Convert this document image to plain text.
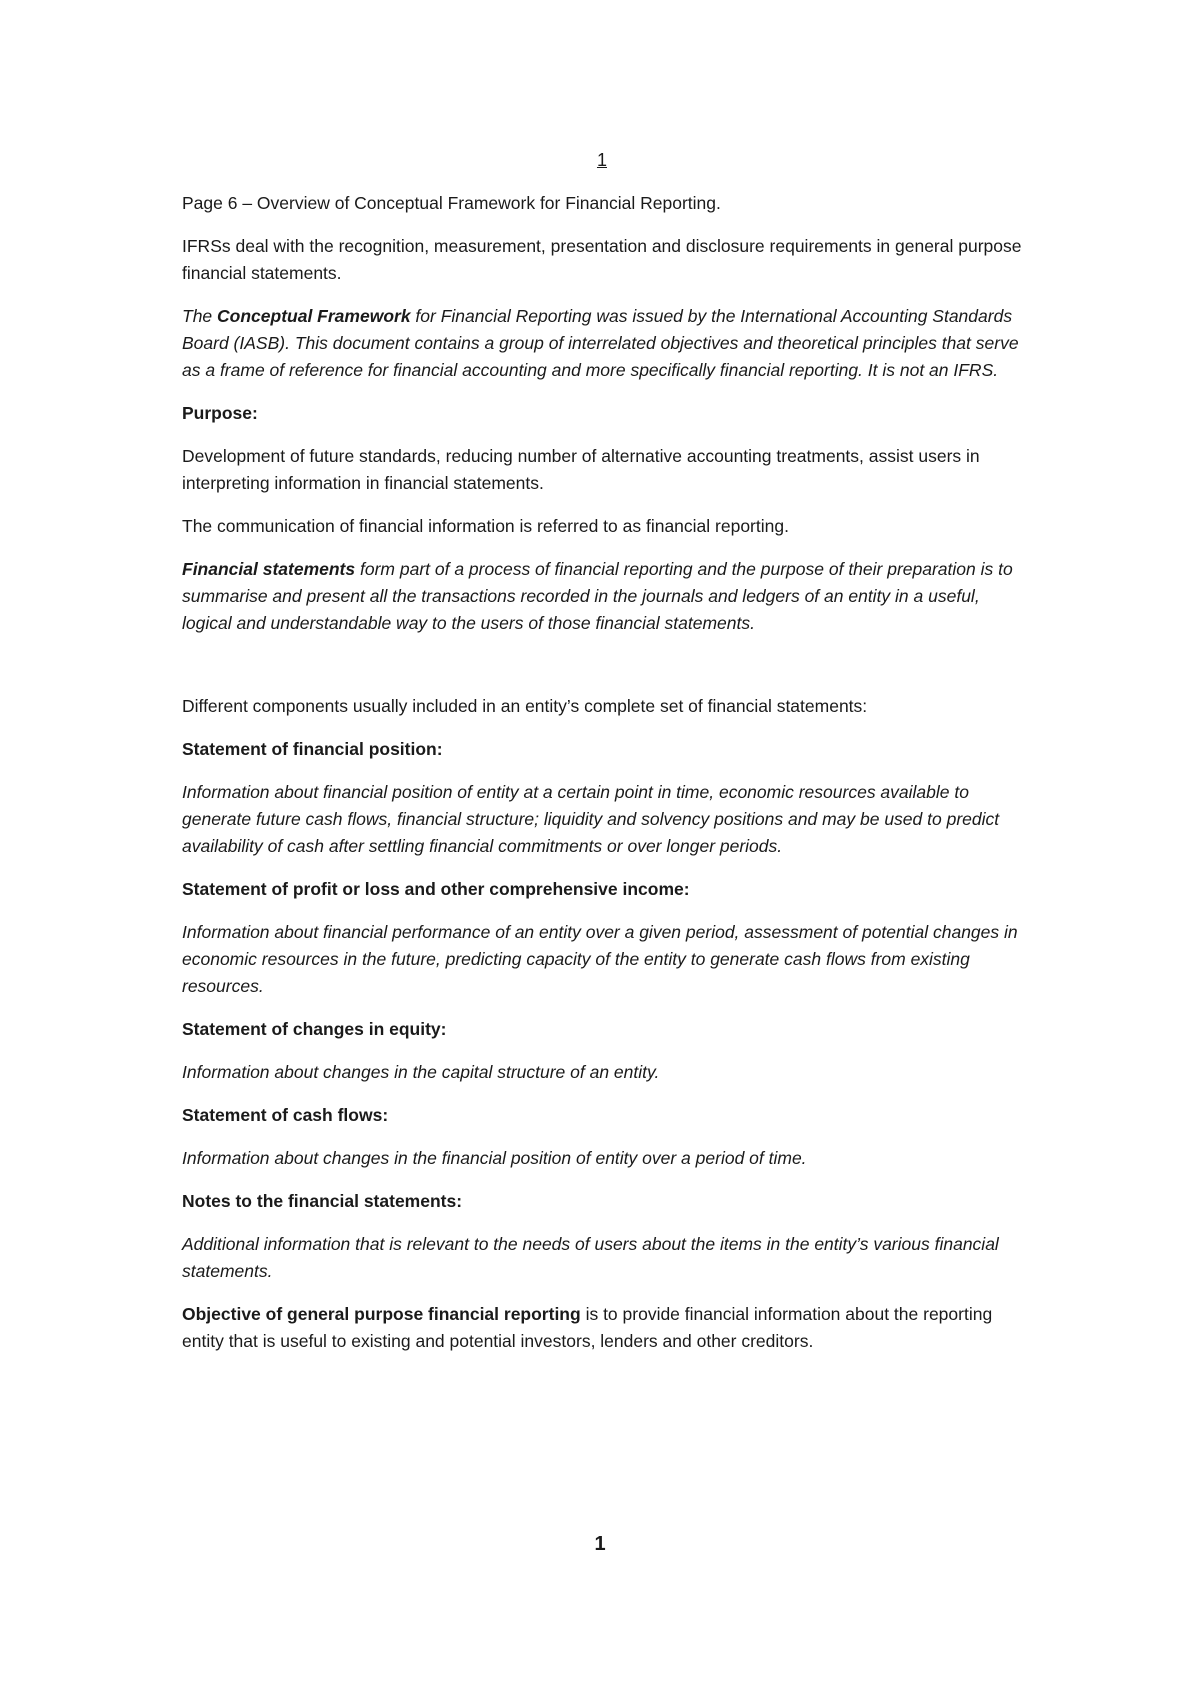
1

Page 6 – Overview of Conceptual Framework for Financial Reporting.

IFRSs deal with the recognition, measurement, presentation and disclosure requirements in general purpose financial statements.

The Conceptual Framework for Financial Reporting was issued by the International Accounting Standards Board (IASB). This document contains a group of interrelated objectives and theoretical principles that serve as a frame of reference for financial accounting and more specifically financial reporting. It is not an IFRS.

Purpose:

Development of future standards, reducing number of alternative accounting treatments, assist users in interpreting information in financial statements.

The communication of financial information is referred to as financial reporting.

Financial statements form part of a process of financial reporting and the purpose of their preparation is to summarise and present all the transactions recorded in the journals and ledgers of an entity in a useful, logical and understandable way to the users of those financial statements.

Different components usually included in an entity’s complete set of financial statements:

Statement of financial position:

Information about financial position of entity at a certain point in time, economic resources available to generate future cash flows, financial structure; liquidity and solvency positions and may be used to predict availability of cash after settling financial commitments or over longer periods.

Statement of profit or loss and other comprehensive income:

Information about financial performance of an entity over a given period, assessment of potential changes in economic resources in the future, predicting capacity of the entity to generate cash flows from existing resources.

Statement of changes in equity:

Information about changes in the capital structure of an entity.

Statement of cash flows:

Information about changes in the financial position of entity over a period of time.

Notes to the financial statements:

Additional information that is relevant to the needs of users about the items in the entity’s various financial statements.

Objective of general purpose financial reporting is to provide financial information about the reporting entity that is useful to existing and potential investors, lenders and other creditors.

1
